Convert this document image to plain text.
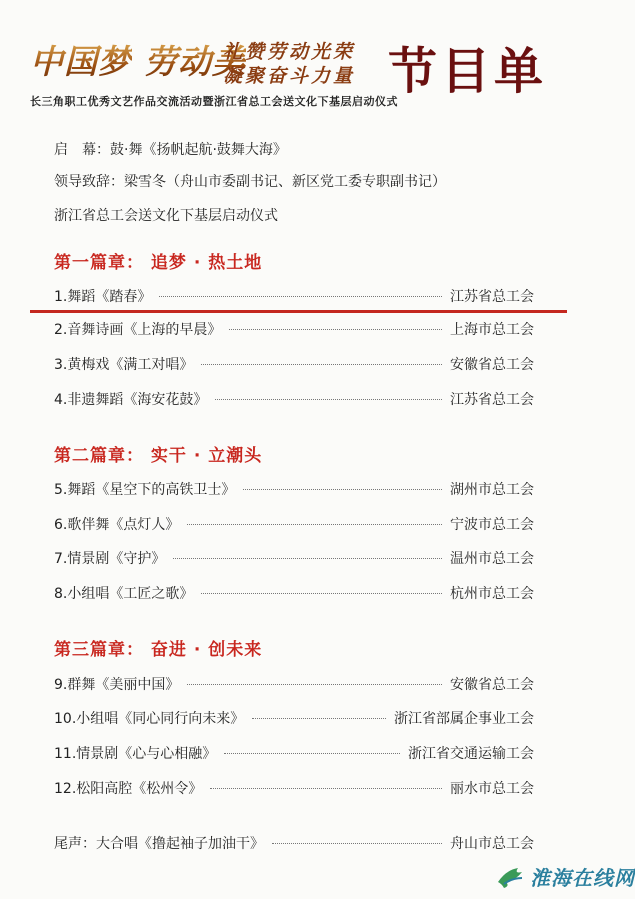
中国梦 劳动美
礼赞劳动光荣
凝聚奋斗力量 节目单
长三角职工优秀文艺作品交流活动暨浙江省总工会送文化下基层启动仪式
启　幕：鼓·舞《扬帆起航·鼓舞大海》
领导致辞：梁雪冬（舟山市委副书记、新区党工委专职副书记）
浙江省总工会送文化下基层启动仪式
第一篇章： 追梦 · 热土地
1.舞蹈《踏春》	江苏省总工会
2.音舞诗画《上海的早晨》	上海市总工会
3.黄梅戏《满工对唱》	安徽省总工会
4.非遗舞蹈《海安花鼓》	江苏省总工会
第二篇章： 实干 · 立潮头
5.舞蹈《星空下的高铁卫士》	湖州市总工会
6.歌伴舞《点灯人》	宁波市总工会
7.情景剧《守护》	温州市总工会
8.小组唱《工匠之歌》	杭州市总工会
第三篇章： 奋进 · 创未来
9.群舞《美丽中国》	安徽省总工会
10.小组唱《同心同行向未来》	浙江省部属企事业工会
11.情景剧《心与心相融》	浙江省交通运输工会
12.松阳高腔《松州令》	丽水市总工会
尾声：大合唱《撸起袖子加油干》	舟山市总工会
淮海在线网
